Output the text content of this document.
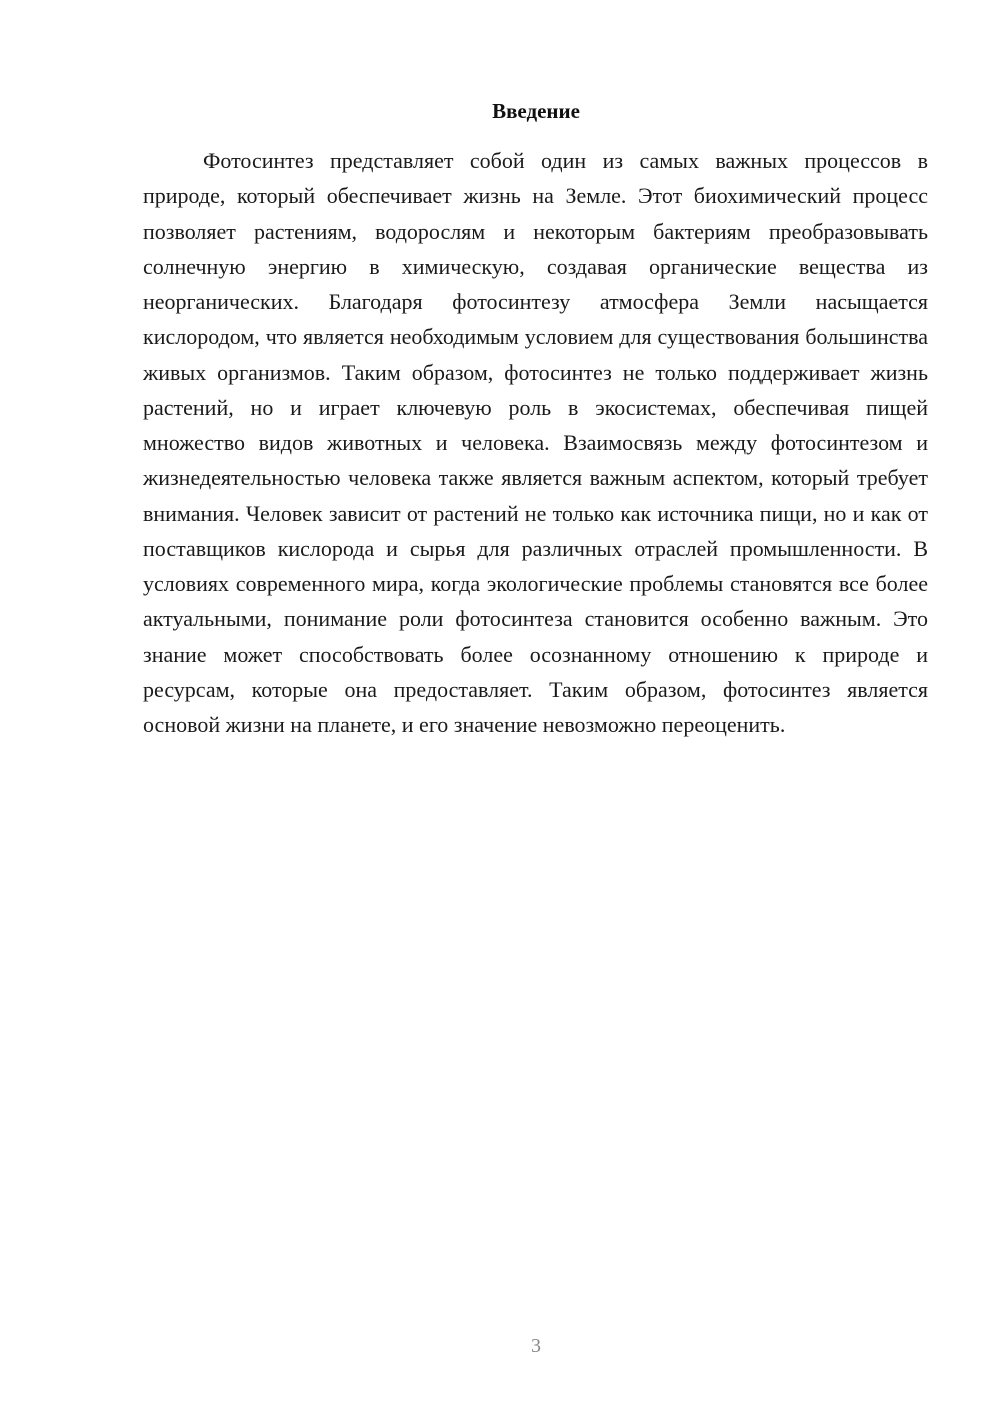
Введение

Фотосинтез представляет собой один из самых важных процессов в природе, который обеспечивает жизнь на Земле. Этот биохимический процесс позволяет растениям, водорослям и некоторым бактериям преобразовывать солнечную энергию в химическую, создавая органические вещества из неорганических. Благодаря фотосинтезу атмосфера Земли насыщается кислородом, что является необходимым условием для существования большинства живых организмов. Таким образом, фотосинтез не только поддерживает жизнь растений, но и играет ключевую роль в экосистемах, обеспечивая пищей множество видов животных и человека. Взаимосвязь между фотосинтезом и жизнедеятельностью человека также является важным аспектом, который требует внимания. Человек зависит от растений не только как источника пищи, но и как от поставщиков кислорода и сырья для различных отраслей промышленности. В условиях современного мира, когда экологические проблемы становятся все более актуальными, понимание роли фотосинтеза становится особенно важным. Это знание может способствовать более осознанному отношению к природе и ресурсам, которые она предоставляет. Таким образом, фотосинтез является основой жизни на планете, и его значение невозможно переоценить.

3
